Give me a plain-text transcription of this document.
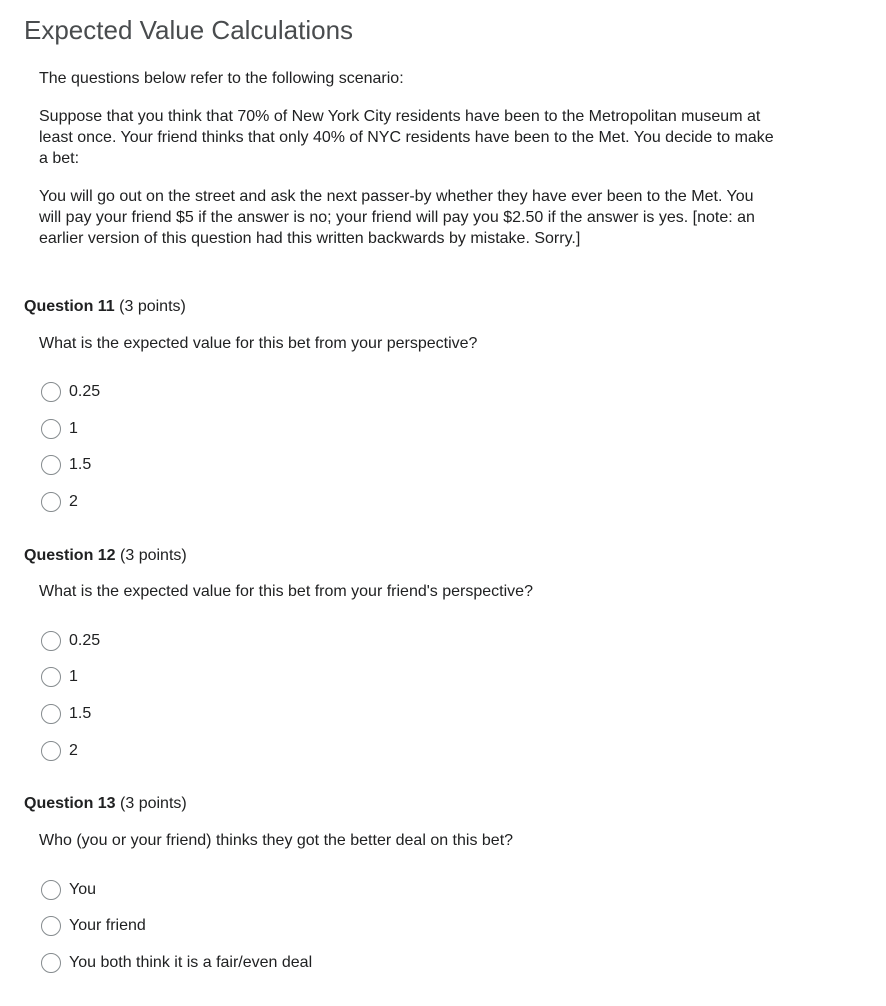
Expected Value Calculations

The questions below refer to the following scenario:

Suppose that you think that 70% of New York City residents have been to the Metropolitan museum at least once. Your friend thinks that only 40% of NYC residents have been to the Met. You decide to make a bet:

You will go out on the street and ask the next passer-by whether they have ever been to the Met. You will pay your friend $5 if the answer is no; your friend will pay you $2.50 if the answer is yes. [note: an earlier version of this question had this written backwards by mistake. Sorry.]

Question 11 (3 points)
What is the expected value for this bet from your perspective?
0.25
1
1.5
2
Question 12 (3 points)
What is the expected value for this bet from your friend's perspective?
0.25
1
1.5
2
Question 13 (3 points)
Who (you or your friend) thinks they got the better deal on this bet?
You
Your friend
You both think it is a fair/even deal
